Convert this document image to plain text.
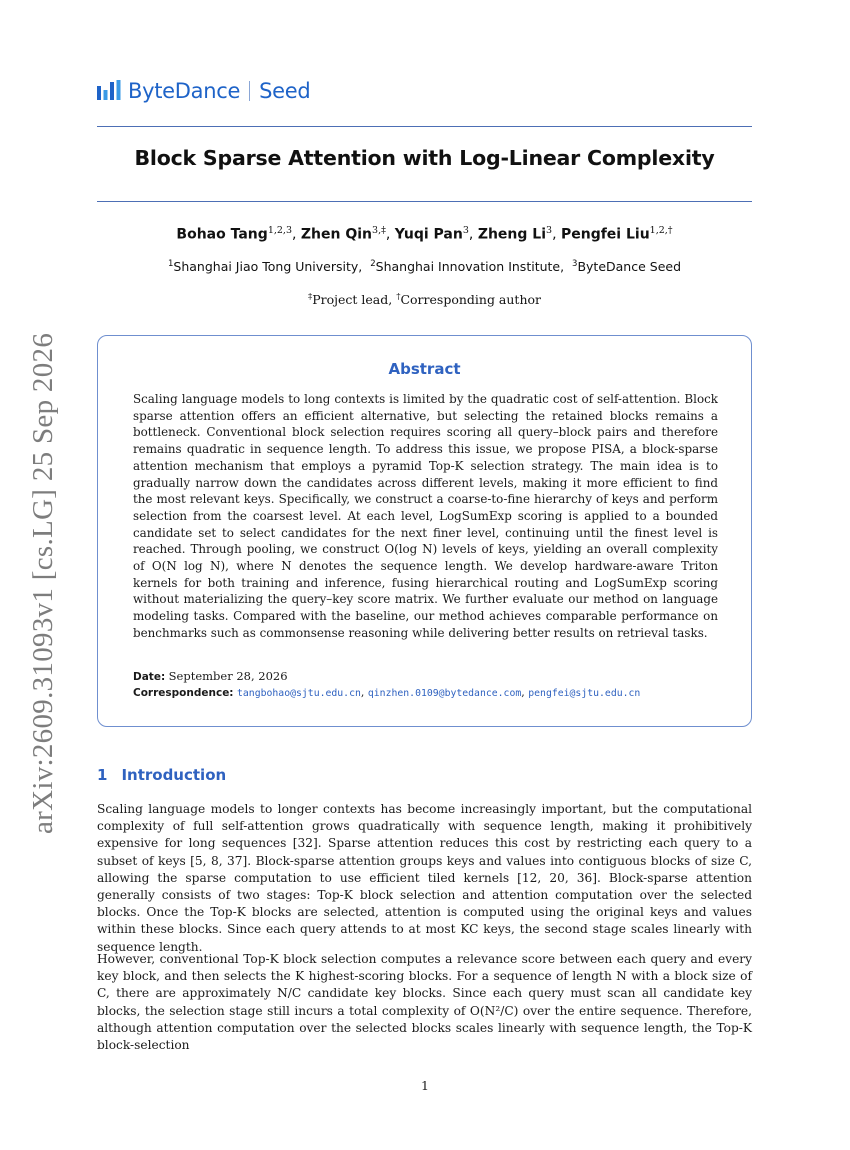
arXiv:2609.31093v1 [cs.LG] 25 Sep 2026
ByteDance Seed
Block Sparse Attention with Log-Linear Complexity
Bohao Tang$^{1,2,3}$, Zhen Qin$^{3,\ddagger}$, Yuqi Pan$^3$, Zheng Li$^3$, Pengfei Liu$^{1,2,\dagger}$
$^1$Shanghai Jiao Tong University,  $^2$Shanghai Innovation Institute,  $^3$ByteDance Seed
‡Project lead, †Corresponding author
Abstract
Scaling language models to long contexts is limited by the quadratic cost of self-attention. Block sparse attention offers an efficient alternative, but selecting the retained blocks remains a bottleneck. Conventional block selection requires scoring all query–block pairs and therefore remains quadratic in sequence length. To address this issue, we propose PISA, a block-sparse attention mechanism that employs a pyramid Top-K selection strategy. The main idea is to gradually narrow down the candidates across different levels, making it more efficient to find the most relevant keys. Specifically, we construct a coarse-to-fine hierarchy of keys and perform selection from the coarsest level. At each level, LogSumExp scoring is applied to a bounded candidate set to select candidates for the next finer level, continuing until the finest level is reached. Through pooling, we construct O(log N) levels of keys, yielding an overall complexity of O(N log N), where N denotes the sequence length. We develop hardware-aware Triton kernels for both training and inference, fusing hierarchical routing and LogSumExp scoring without materializing the query–key score matrix. We further evaluate our method on language modeling tasks. Compared with the baseline, our method achieves comparable performance on benchmarks such as commonsense reasoning while delivering better results on retrieval tasks.
Date: September 28, 2026
Correspondence: tangbohao@sjtu.edu.cn, qinzhen.0109@bytedance.com, pengfei@sjtu.edu.cn
1 Introduction
Scaling language models to longer contexts has become increasingly important, but the computational complexity of full self-attention grows quadratically with sequence length, making it prohibitively expensive for long sequences [32]. Sparse attention reduces this cost by restricting each query to a subset of keys [5, 8, 37]. Block-sparse attention groups keys and values into contiguous blocks of size C, allowing the sparse computation to use efficient tiled kernels [12, 20, 36]. Block-sparse attention generally consists of two stages: Top-K block selection and attention computation over the selected blocks. Once the Top-K blocks are selected, attention is computed using the original keys and values within these blocks. Since each query attends to at most KC keys, the second stage scales linearly with sequence length.
However, conventional Top-K block selection computes a relevance score between each query and every key block, and then selects the K highest-scoring blocks. For a sequence of length N with a block size of C, there are approximately N/C candidate key blocks. Since each query must scan all candidate key blocks, the selection stage still incurs a total complexity of O(N²/C) over the entire sequence. Therefore, although attention computation over the selected blocks scales linearly with sequence length, the Top-K block-selection
1
